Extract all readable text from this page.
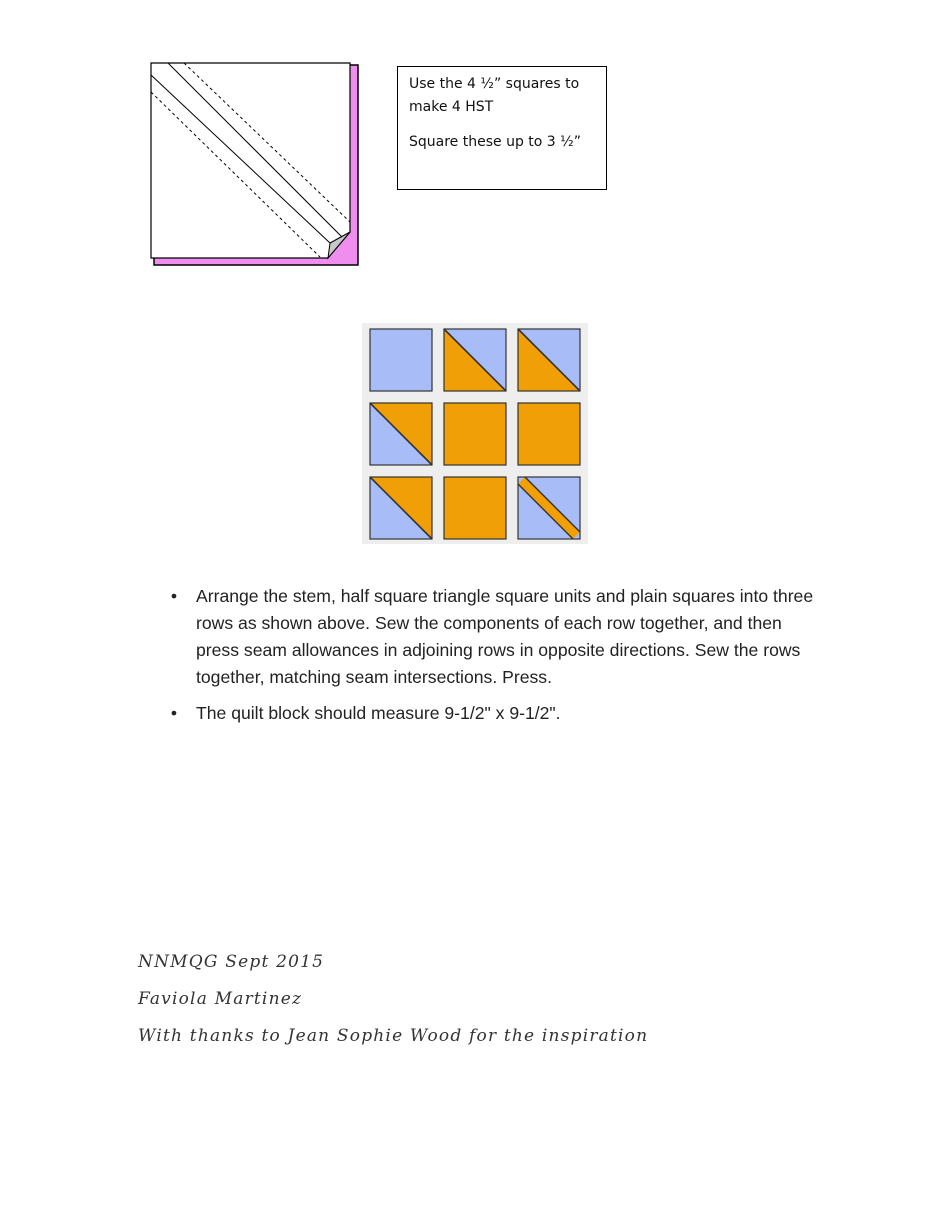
Use the 4 ½” squares to make 4 HST

Square these up to 3 ½”

• Arrange the stem, half square triangle square units and plain squares into three rows as shown above. Sew the components of each row together, and then press seam allowances in adjoining rows in opposite directions. Sew the rows together, matching seam intersections. Press.
• The quilt block should measure 9-1/2" x 9-1/2".
NNMQG Sept 2015
Faviola Martinez
With thanks to Jean Sophie Wood for the inspiration
